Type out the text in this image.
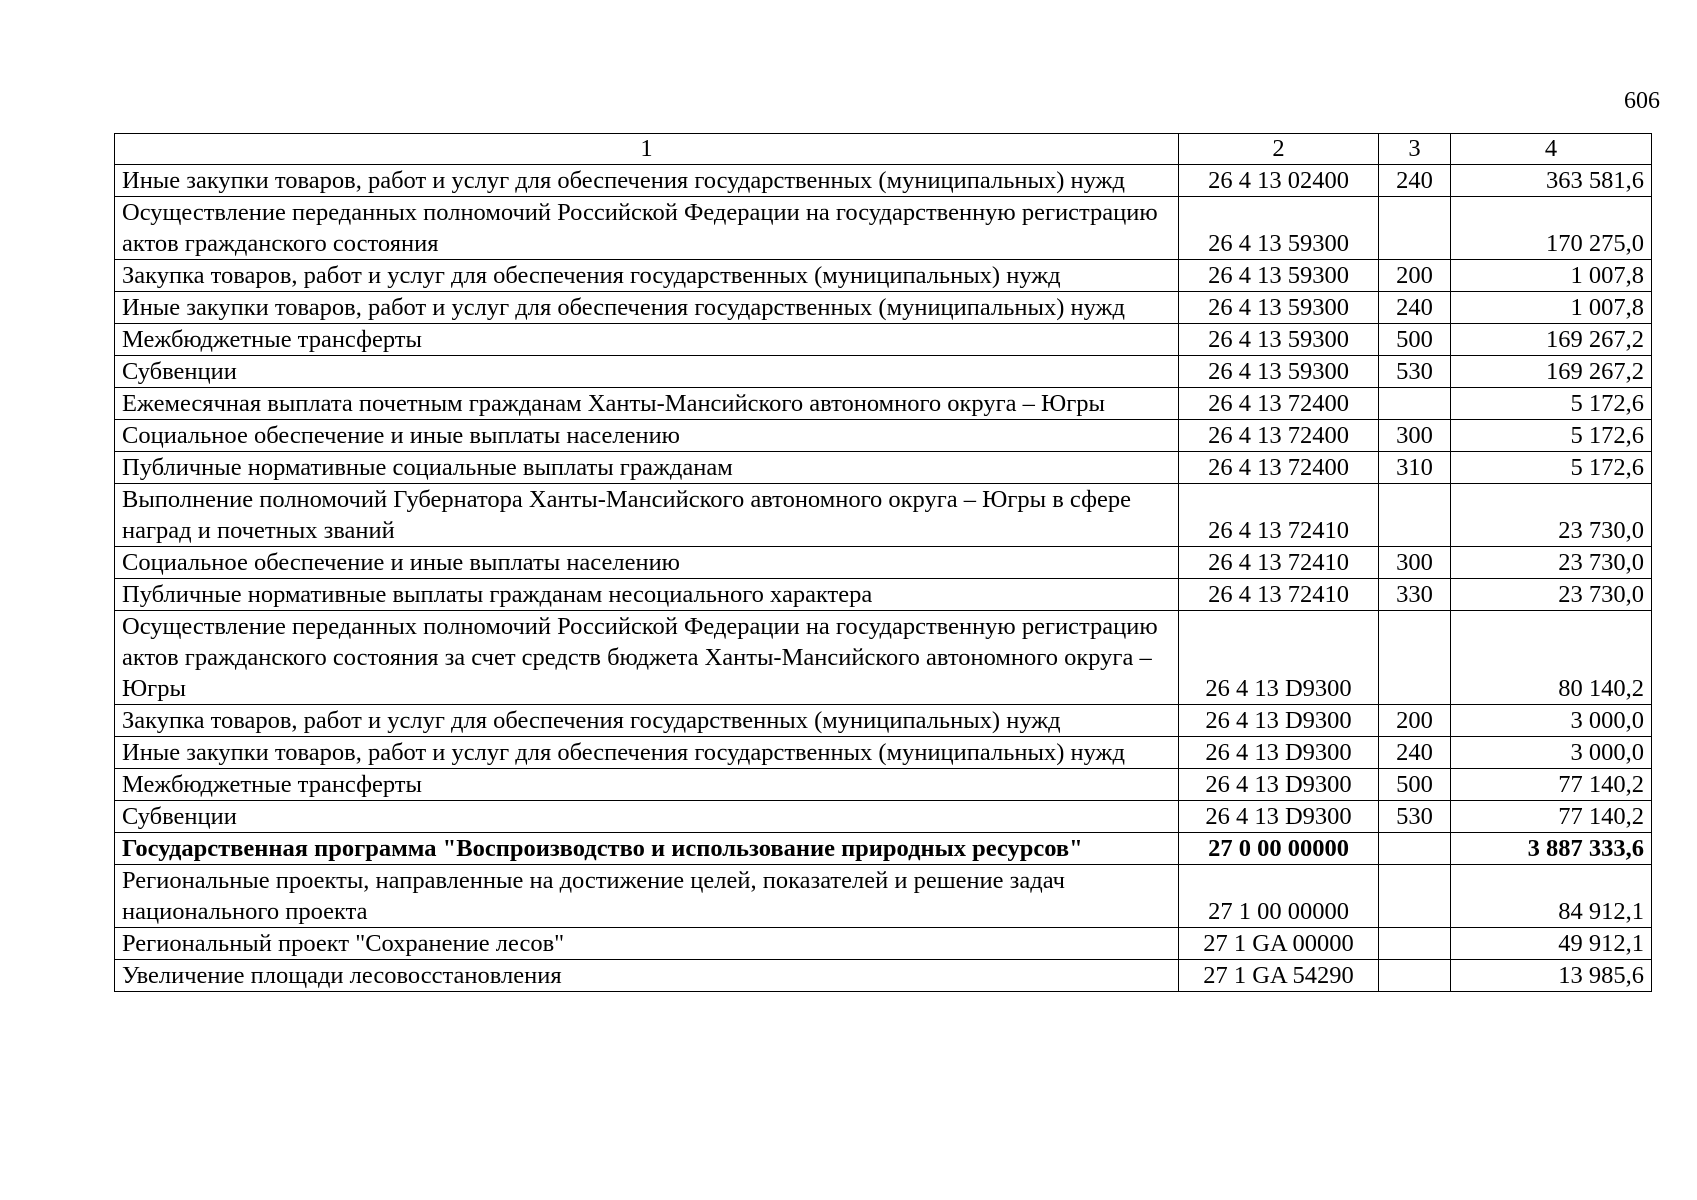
606
1	2	3	4
Иные закупки товаров, работ и услуг для обеспечения государственных (муниципальных) нужд	26 4 13 02400	240	363 581,6
Осуществление переданных полномочий Российской Федерации на государственную регистрацию актов гражданского состояния	26 4 13 59300		170 275,0
Закупка товаров, работ и услуг для обеспечения государственных (муниципальных) нужд	26 4 13 59300	200	1 007,8
Иные закупки товаров, работ и услуг для обеспечения государственных (муниципальных) нужд	26 4 13 59300	240	1 007,8
Межбюджетные трансферты	26 4 13 59300	500	169 267,2
Субвенции	26 4 13 59300	530	169 267,2
Ежемесячная выплата почетным гражданам Ханты-Мансийского автономного округа – Югры	26 4 13 72400		5 172,6
Социальное обеспечение и иные выплаты населению	26 4 13 72400	300	5 172,6
Публичные нормативные социальные выплаты гражданам	26 4 13 72400	310	5 172,6
Выполнение полномочий Губернатора Ханты-Мансийского автономного округа – Югры в сфере наград и почетных званий	26 4 13 72410		23 730,0
Социальное обеспечение и иные выплаты населению	26 4 13 72410	300	23 730,0
Публичные нормативные выплаты гражданам несоциального характера	26 4 13 72410	330	23 730,0
Осуществление переданных полномочий Российской Федерации на государственную регистрацию актов гражданского состояния за счет средств бюджета Ханты-Мансийского автономного округа – Югры	26 4 13 D9300		80 140,2
Закупка товаров, работ и услуг для обеспечения государственных (муниципальных) нужд	26 4 13 D9300	200	3 000,0
Иные закупки товаров, работ и услуг для обеспечения государственных (муниципальных) нужд	26 4 13 D9300	240	3 000,0
Межбюджетные трансферты	26 4 13 D9300	500	77 140,2
Субвенции	26 4 13 D9300	530	77 140,2
Государственная программа "Воспроизводство и использование природных ресурсов"	27 0 00 00000		3 887 333,6
Региональные проекты, направленные на достижение целей, показателей и решение задач национального проекта	27 1 00 00000		84 912,1
Региональный проект "Сохранение лесов"	27 1 GA 00000		49 912,1
Увеличение площади лесовосстановления	27 1 GA 54290		13 985,6
